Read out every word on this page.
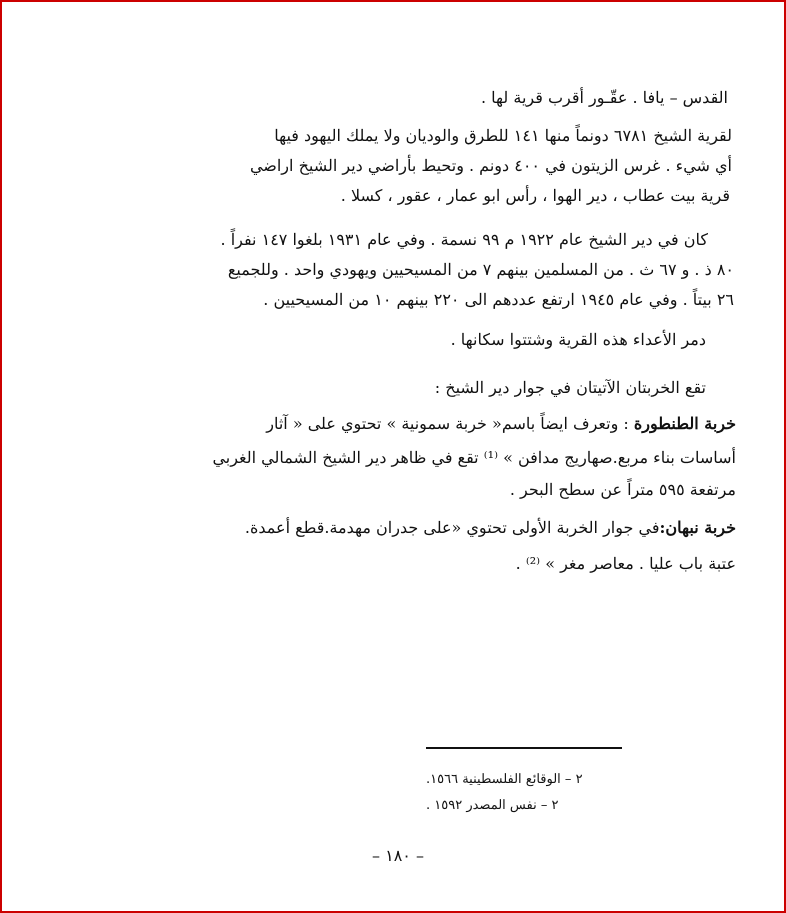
القدس – يافا . عقّـور أقرب قرية لها .
لقرية الشيخ ٦٧٨١ دونماً منها ١٤١ للطرق والوديان ولا يملك اليهود فيها
أي شيء . غرس الزيتون في ٤٠٠ دونم . وتحيط بأراضي دير الشيخ اراضي
قرية بيت عطاب ، دير الهوا ، رأس ابو عمار ، عقور ، كسلا .
كان في دير الشيخ عام ١٩٢٢ م ٩٩ نسمة . وفي عام ١٩٣١ بلغوا ١٤٧ نفراً .
٨٠ ذ . و ٦٧ ث . من المسلمين بينهم ٧ من المسيحيين ويهودي واحد . وللجميع
٢٦ بيتاً . وفي عام ١٩٤٥ ارتفع عددهم الى ٢٢٠ بينهم ١٠ من المسيحيين .
دمر الأعداء هذه القرية وشتتوا سكانها .
تقع الخربتان الآتيتان في جوار دير الشيخ :
خربة الطنطورة : وتعرف ايضاً باسم« خربة سمونية » تحتوي على « آثار
أساسات بناء مربع.صهاريج مدافن » ⁽¹⁾ تقع في ظاهر دير الشيخ الشمالي الغربي
مرتفعة ٥٩٥ متراً عن سطح البحر .
خربة نبهان:في جوار الخربة الأولى تحتوي «على جدران مهدمة.قطع أعمدة.
عتبة باب عليا . معاصر مغر » ⁽²⁾ .
٢ – الوقائع الفلسطينية ١٥٦٦.
٢ – نفس المصدر ١٥٩٢ .
– ١٨٠ –
